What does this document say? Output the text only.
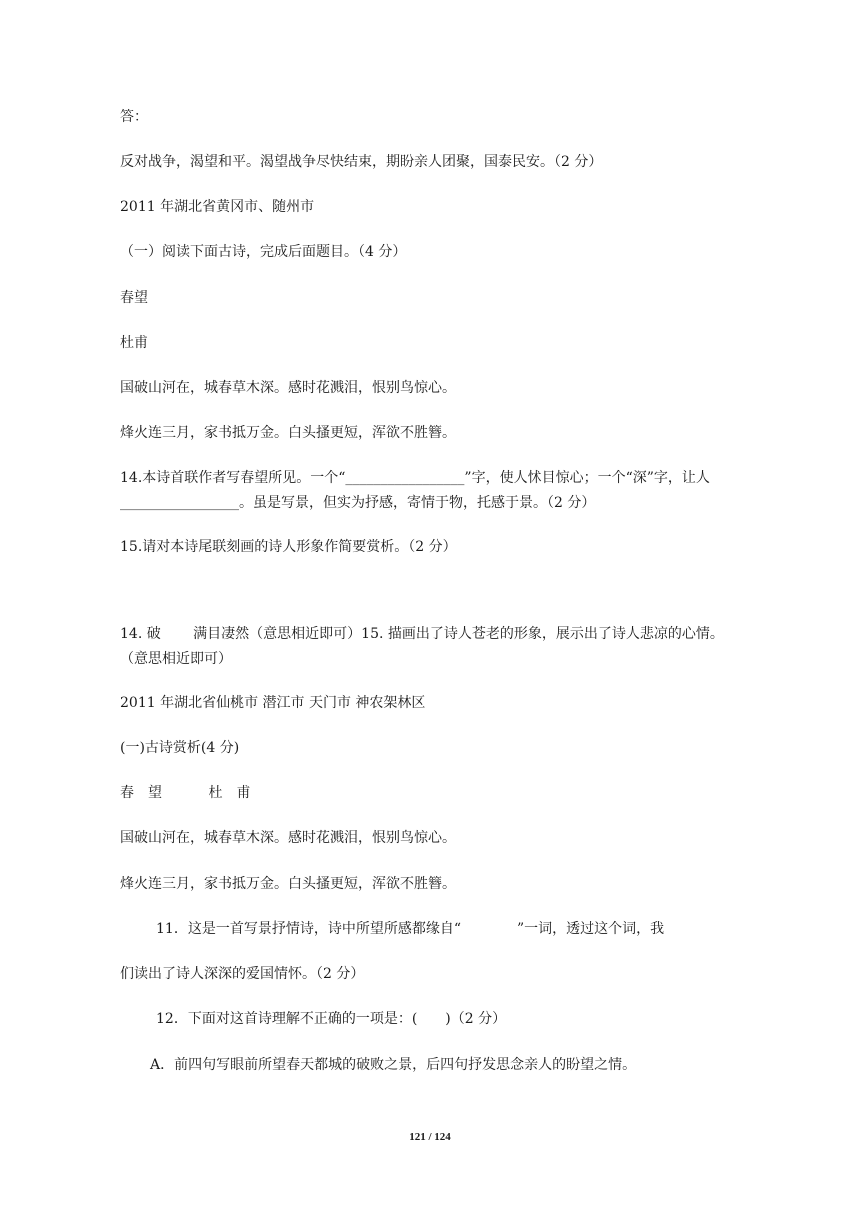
答：
反对战争，渴望和平。渴望战争尽快结束，期盼亲人团聚，国泰民安。（2 分）
2011 年湖北省黄冈市、随州市
（一）阅读下面古诗，完成后面题目。（4 分）
春望
杜甫
国破山河在，城春草木深。感时花溅泪，恨别鸟惊心。
烽火连三月，家书抵万金。白头搔更短，浑欲不胜簪。
14.本诗首联作者写春望所见。一个“_________________”字，使人怵目惊心；一个“深”字，让人_________________。虽是写景，但实为抒感，寄情于物，托感于景。（2 分）
15.请对本诗尾联刻画的诗人形象作简要赏析。（2 分）
14. 破　　 满目凄然（意思相近即可）15. 描画出了诗人苍老的形象，展示出了诗人悲凉的心情。（意思相近即可）
2011 年湖北省仙桃市 潜江市 天门市 神农架林区
(一)古诗赏析(4 分)
春　望　　　 杜　甫
国破山河在，城春草木深。感时花溅泪，恨别鸟惊心。
烽火连三月，家书抵万金。白头搔更短，浑欲不胜簪。
11．这是一首写景抒情诗，诗中所望所感都缘自“　　　　”一词，透过这个词，我
们读出了诗人深深的爱国情怀。（2 分）
12．下面对这首诗理解不正确的一项是：(　　)（2 分）
A．前四句写眼前所望春天都城的破败之景，后四句抒发思念亲人的盼望之情。
121 / 124
